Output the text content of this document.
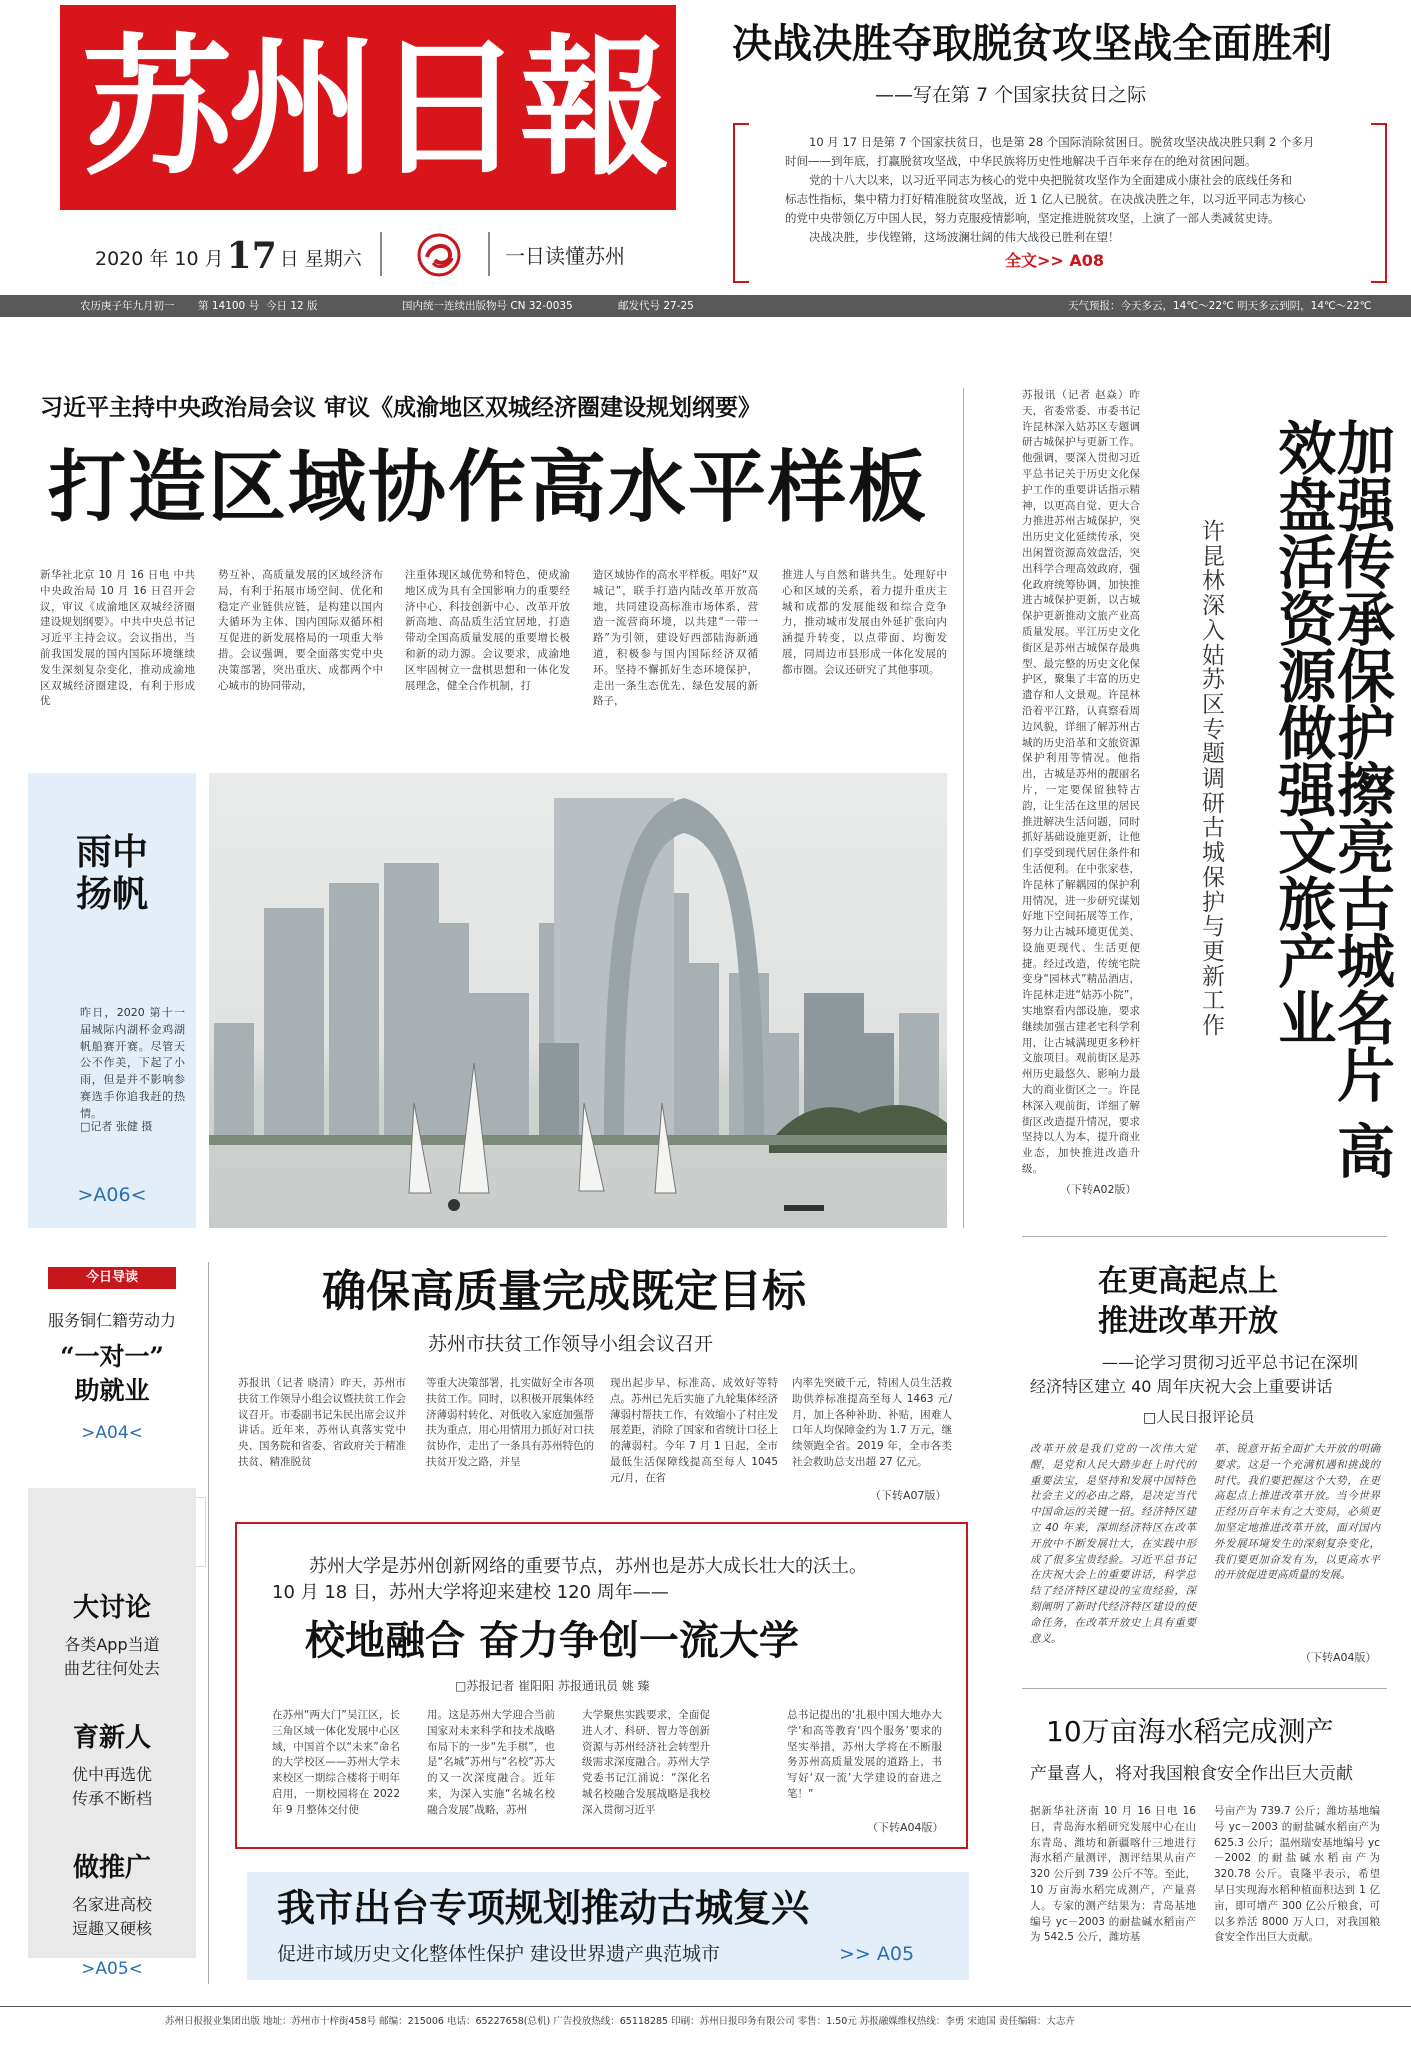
苏州日報
2020 年 10 月17 日 星期六	一日读懂苏州
决战决胜夺取脱贫攻坚战全面胜利
——写在第 7 个国家扶贫日之际
10 月 17 日是第 7 个国家扶贫日，也是第 28 个国际消除贫困日。脱贫攻坚决战决胜只剩 2 个多月
时间——到年底，打赢脱贫攻坚战，中华民族将历史性地解决千百年来存在的绝对贫困问题。
党的十八大以来，以习近平同志为核心的党中央把脱贫攻坚作为全面建成小康社会的底线任务和
标志性指标，集中精力打好精准脱贫攻坚战，近 1 亿人已脱贫。在决战决胜之年，以习近平同志为核心
的党中央带领亿万中国人民，努力克服疫情影响，坚定推进脱贫攻坚，上演了一部人类减贫史诗。
决战决胜，步伐铿锵，这场波澜壮阔的伟大战役已胜利在望！
全文>> A08
农历庚子年九月初一 第 14100 号 今日 12 版	国内统一连续出版物号 CN 32-0035	邮发代号 27-25	天气预报：今天多云，14℃～22℃ 明天多云到阴，14℃～22℃
习近平主持中央政治局会议 审议《成渝地区双城经济圈建设规划纲要》
打造区域协作高水平样板
新华社北京 10 月 16 日电 中共中央政治局 10 月 16 日召开会议，审议《成渝地区双城经济圈建设规划纲要》。中共中央总书记习近平主持会议。会议指出，当前我国发展的国内国际环境继续发生深刻复杂变化，推动成渝地区双城经济圈建设，有利于形成优
势互补、高质量发展的区域经济布局，有利于拓展市场空间、优化和稳定产业链供应链，是构建以国内大循环为主体、国内国际双循环相互促进的新发展格局的一项重大举措。会议强调，要全面落实党中央决策部署，突出重庆、成都两个中心城市的协同带动，
注重体现区域优势和特色，使成渝地区成为具有全国影响力的重要经济中心、科技创新中心、改革开放新高地、高品质生活宜居地，打造带动全国高质量发展的重要增长极和新的动力源。会议要求，成渝地区牢固树立一盘棋思想和一体化发展理念，健全合作机制，打
造区域协作的高水平样板。唱好“双城记”，联手打造内陆改革开放高地，共同建设高标准市场体系，营造一流营商环境，以共建“一带一路”为引领，建设好西部陆海新通道，积极参与国内国际经济双循环。坚持不懈抓好生态环境保护，走出一条生态优先、绿色发展的新路子，
推进人与自然和谐共生。处理好中心和区域的关系，着力提升重庆主城和成都的发展能级和综合竞争力，推动城市发展由外延扩张向内涵提升转变，以点带面、均衡发展，同周边市县形成一体化发展的都市圈。会议还研究了其他事项。
雨中扬帆
昨日，2020 第十一届城际内湖杯金鸡湖帆船赛开赛。尽管天公不作美，下起了小雨，但是并不影响参赛选手你追我赶的热情。
□记者 张健 摄
>A06<
苏报讯（记者 赵焱）昨天，省委常委、市委书记许昆林深入姑苏区专题调研古城保护与更新工作。他强调，要深入贯彻习近平总书记关于历史文化保护工作的重要讲话指示精神，以更高自觉、更大合力推进苏州古城保护，突出历史文化延续传承，突出闲置资源高效盘活，突出科学合理高效政府，强化政府统筹协调，加快推进古城保护更新，以古城保护更新推动文旅产业高质量发展。平江历史文化街区是苏州古城保存最典型、最完整的历史文化保护区，聚集了丰富的历史遗存和人文景观。许昆林沿着平江路，认真察看周边风貌，详细了解苏州古城的历史沿革和文旅资源保护利用等情况。他指出，古城是苏州的靓丽名片，一定要保留独特古韵，让生活在这里的居民推进解决生活问题，同时抓好基础设施更新，让他们享受到现代居住条件和生活便利。在中张家巷，许昆林了解耦园的保护利用情况，进一步研究谋划好地下空间拓展等工作，努力让古城环境更优美、设施更现代、生活更便捷。经过改造，传统宅院变身“园林式”精品酒店，许昆林走进“姑苏小院”，实地察看内部设施，要求继续加强古建老宅科学利用，让古城满现更多秒杆文旅项目。观前街区是苏州历史最悠久、影响力最大的商业街区之一。许昆林深入观前街，详细了解街区改造提升情况，要求坚持以人为本，提升商业业态，加快推进改造升级。
（下转A02版）
许昆林深入姑苏区专题调研古城保护与更新工作	加强传承保护擦亮古城名片 高效盘活资源做强文旅产业
今日导读
服务铜仁籍劳动力
“一对一”
助就业
>A04<
大讨论
各类App当道
曲艺往何处去
育新人
优中再选优
传承不断档
做推广
名家进高校
逗趣又硬核
>A05<
确保高质量完成既定目标
苏州市扶贫工作领导小组会议召开
苏报讯（记者 晓清）昨天，苏州市扶贫工作领导小组会议暨扶贫工作会议召开。市委副书记朱民出席会议并讲话。近年来，苏州认真落实党中央、国务院和省委、省政府关于精准扶贫、精准脱贫
等重大决策部署，扎实做好全市各项扶贫工作。同时，以积极开展集体经济薄弱村转化、对低收入家庭加强帮扶为重点，用心用情用力抓好对口扶贫协作，走出了一条具有苏州特色的扶贫开发之路，并呈
现出起步早、标准高、成效好等特点。苏州已先后实施了九轮集体经济薄弱村帮扶工作，有效缩小了村庄发展差距，消除了国家和省统计口径上的薄弱村。今年 7 月 1 日起，全市最低生活保障线提高至每人 1045 元/月，在省
内率先突破千元，特困人员生活救助供养标准提高至每人 1463 元/月，加上各种补助、补贴，困难人口年人均保障金约为 1.7 万元，继续领跑全省。2019 年，全市各类社会救助总支出超 27 亿元。
（下转A07版）
苏州大学是苏州创新网络的重要节点，苏州也是苏大成长壮大的沃土。
10 月 18 日，苏州大学将迎来建校 120 周年——
校地融合 奋力争创一流大学
□苏报记者 崔阳阳 苏报通讯员 姚 臻
在苏州“两大门”吴江区，长三角区域一体化发展中心区域，中国首个以“未来”命名的大学校区——苏州大学未来校区一期综合楼将于明年启用，一期校园将在 2022 年 9 月整体交付使
用。这是苏州大学迎合当前国家对未来科学和技术战略布局下的一步“先手棋”，也是“名城”苏州与“名校”苏大的又一次深度融合。近年来，为深入实施“名城名校融合发展”战略，苏州
大学聚焦实践要求，全面促进人才、科研、智力等创新资源与苏州经济社会转型升级需求深度融合。苏州大学党委书记江涌说：“深化名城名校融合发展战略是我校深入贯彻习近平
总书记提出的‘扎根中国大地办大学’和高等教育‘四个服务’要求的坚实举措，苏州大学将在不断服务苏州高质量发展的道路上，书写好‘双一流’大学建设的奋进之笔！”
（下转A04版）
在更高起点上
推进改革开放
——论学习贯彻习近平总书记在深圳
经济特区建立 40 周年庆祝大会上重要讲话
□人民日报评论员
改革开放是我们党的一次伟大觉醒，是党和人民大踏步赶上时代的重要法宝，是坚持和发展中国特色社会主义的必由之路，是决定当代中国命运的关键一招。经济特区建立 40 年来，深圳经济特区在改革开放中不断发展壮大，在实践中形成了很多宝贵经验。习近平总书记在庆祝大会上的重要讲话，科学总结了经济特区建设的宝贵经验，深刻阐明了新时代经济特区建设的使命任务，在改革开放史上具有重要意义。
革、锐意开拓全面扩大开放的明确要求。这是一个充满机遇和挑战的时代。我们要把握这个大势，在更高起点上推进改革开放。当今世界正经历百年未有之大变局，必须更加坚定地推进改革开放，面对国内外发展环境发生的深刻复杂变化，我们要更加奋发有为，以更高水平的开放促进更高质量的发展。
（下转A04版）
10万亩海水稻完成测产
产量喜人，将对我国粮食安全作出巨大贡献
据新华社济南 10 月 16 日电 16 日，青岛海水稻研究发展中心在山东青岛、潍坊和新疆喀什三地进行海水稻产量测评，测评结果从亩产 320 公斤到 739 公斤不等。至此，10 万亩海水稻完成测产，产量喜人。专家的测产结果为：青岛基地编号 yc－2003 的耐盐碱水稻亩产为 542.5 公斤，潍坊基
号亩产为 739.7 公斤；潍坊基地编号 yc－2003 的耐盐碱水稻亩产为 625.3 公斤；温州瑞安基地编号 yc－2002 的耐盐碱水稻亩产为 320.78 公斤。袁隆平表示，希望早日实现海水稻种植面积达到 1 亿亩，即可增产 300 亿公斤粮食，可以多养活 8000 万人口，对我国粮食安全作出巨大贡献。
我市出台专项规划推动古城复兴
促进市域历史文化整体性保护 建设世界遗产典范城市	>> A05
苏州日报报业集团出版 地址：苏州市十梓街458号 邮编：215006 电话：65227658(总机) 广告投放热线：65118285 印刷：苏州日报印务有限公司 零售：1.50元 苏报融媒维权热线：李勇 宋迪国 责任编辑：大志卉
